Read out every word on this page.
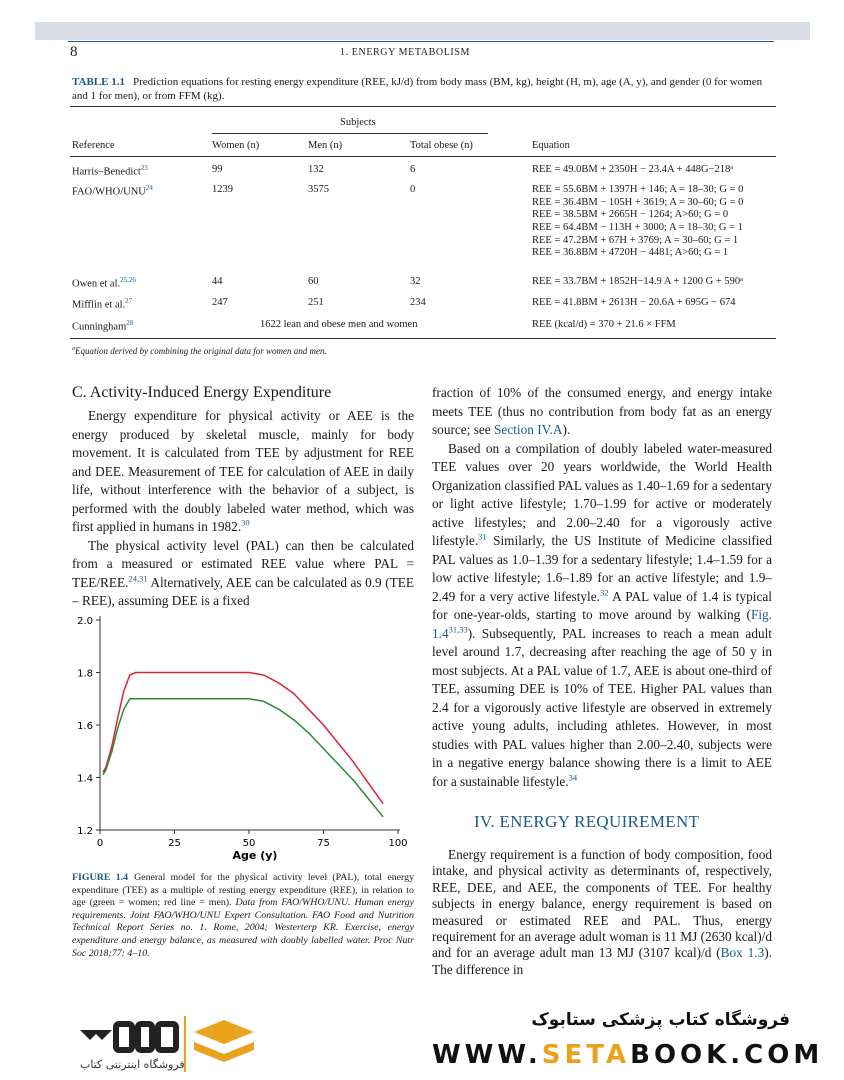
8	1. ENERGY METABOLISM
TABLE 1.1 Prediction equations for resting energy expenditure (REE, kJ/d) from body mass (BM, kg), height (H, m), age (A, y), and gender (0 for women and 1 for men), or from FFM (kg).
Subjects
Reference	Women (n)	Men (n)	Total obese (n)	Equation
Harris–Benedict$^{23}$	99	132	6	REE = 49.0BM + 2350H − 23.4A + 448G−218ᵃ
FAO/WHO/UNU$^{24}$	1239	3575	0	REE = 55.6BM + 1397H + 146; A = 18–30; G = 0
REE = 36.4BM − 105H + 3619; A = 30–60; G = 0
REE = 38.5BM + 2665H − 1264; A>60; G = 0
REE = 64.4BM − 113H + 3000; A = 18–30; G = 1
REE = 47.2BM + 67H + 3769; A = 30–60; G = 1
REE = 36.8BM + 4720H − 4481; A>60; G = 1
Owen et al.$^{25,26}$	44	60	32	REE = 33.7BM + 1852H−14.9 A + 1200 G + 590ᵃ
Mifflin et al.$^{27}$	247	251	234	REE = 41.8BM + 2613H − 20.6A + 695G − 674
Cunningham$^{28}$	1622 lean and obese men and women	REE (kcal/d) = 370 + 21.6 × FFM
$^a$Equation derived by combining the original data for women and men.
C. Activity-Induced Energy Expenditure

Energy expenditure for physical activity or AEE is the energy produced by skeletal muscle, mainly for body movement. It is calculated from TEE by adjustment for REE and DEE. Measurement of TEE for calculation of AEE in daily life, without interference with the behavior of a subject, is performed with the doubly labeled water method, which was first applied in humans in 1982.30

The physical activity level (PAL) can then be calculated from a measured or estimated REE value where PAL = TEE/REE.$^{24,31}$ Alternatively, AEE can be calculated as 0.9 (TEE – REE), assuming DEE is a fixed

fraction of 10% of the consumed energy, and energy intake meets TEE (thus no contribution from body fat as an energy source; see Section IV.A).

Based on a compilation of doubly labeled water-measured TEE values over 20 years worldwide, the World Health Organization classified PAL values as 1.40–1.69 for a sedentary or light active lifestyle; 1.70–1.99 for active or moderately active lifestyles; and 2.00–2.40 for a vigorously active lifestyle.$^{31}$ Similarly, the US Institute of Medicine classified PAL values as 1.0–1.39 for a sedentary lifestyle; 1.4–1.59 for a low active lifestyle; 1.6–1.89 for an active lifestyle; and 1.9–2.49 for a very active lifestyle.$^{32}$ A PAL value of 1.4 is typical for one-year-olds, starting to move around by walking (Fig. 1.4$^{31,33}$). Subsequently, PAL increases to reach a mean adult level around 1.7, decreasing after reaching the age of 50 y in most subjects. At a PAL value of 1.7, AEE is about one-third of TEE, assuming DEE is 10% of TEE. Higher PAL values than 2.4 for a vigorously active lifestyle are observed in extremely active young adults, including athletes. However, in most studies with PAL values higher than 2.00–2.40, subjects were in a negative energy balance showing there is a limit to AEE for a sustainable lifestyle.$^{34}$

IV. ENERGY REQUIREMENT

Energy requirement is a function of body composition, food intake, and physical activity as determinants of, respectively, REE, DEE, and AEE, the components of TEE. For healthy subjects in energy balance, energy requirement is based on measured or estimated REE and PAL. Thus, energy requirement for an average adult woman is 11 MJ (2630 kcal)/d and for an average adult man 13 MJ (3107 kcal)/d (Box 1.3). The difference in

1.2
1.4
1.6
1.8
2.0
0	25	50	75	100
Age (y)
FIGURE 1.4 General model for the physical activity level (PAL), total energy expenditure (TEE) as a multiple of resting energy expenditure (REE), in relation to age (green = women; red line = men). Data from FAO/WHO/UNU. Human energy requirements. Joint FAO/WHO/UNU Expert Consultation. FAO Food and Nutrition Technical Report Series no. 1. Rome, 2004; Westerterp KR. Exercise, energy expenditure and energy balance, as measured with doubly labelled water. Proc Nutr Soc 2018;77: 4–10.
فروشگاه اینترنتی کتاب
فروشگاه کتاب پزشکی ستابوک
WWW.SETABOOK.COM
